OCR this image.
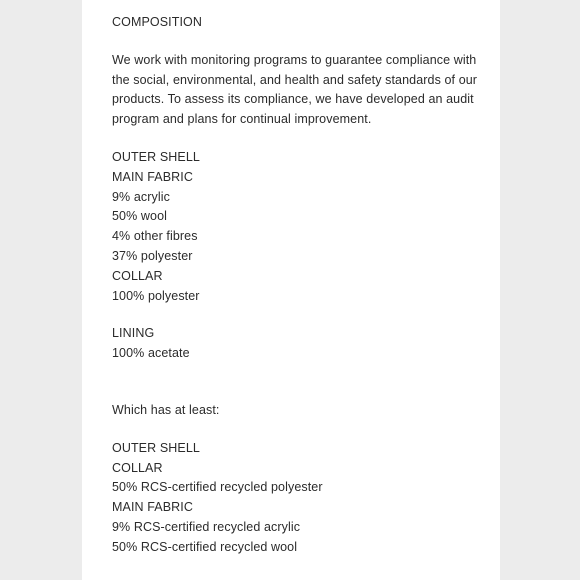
COMPOSITION
We work with monitoring programs to guarantee compliance with the social, environmental, and health and safety standards of our products. To assess its compliance, we have developed an audit program and plans for continual improvement.
OUTER SHELL
MAIN FABRIC
9% acrylic
50% wool
4% other fibres
37% polyester
COLLAR
100% polyester
LINING
100% acetate
Which has at least:
OUTER SHELL
COLLAR
50% RCS-certified recycled polyester
MAIN FABRIC
9% RCS-certified recycled acrylic
50% RCS-certified recycled wool
